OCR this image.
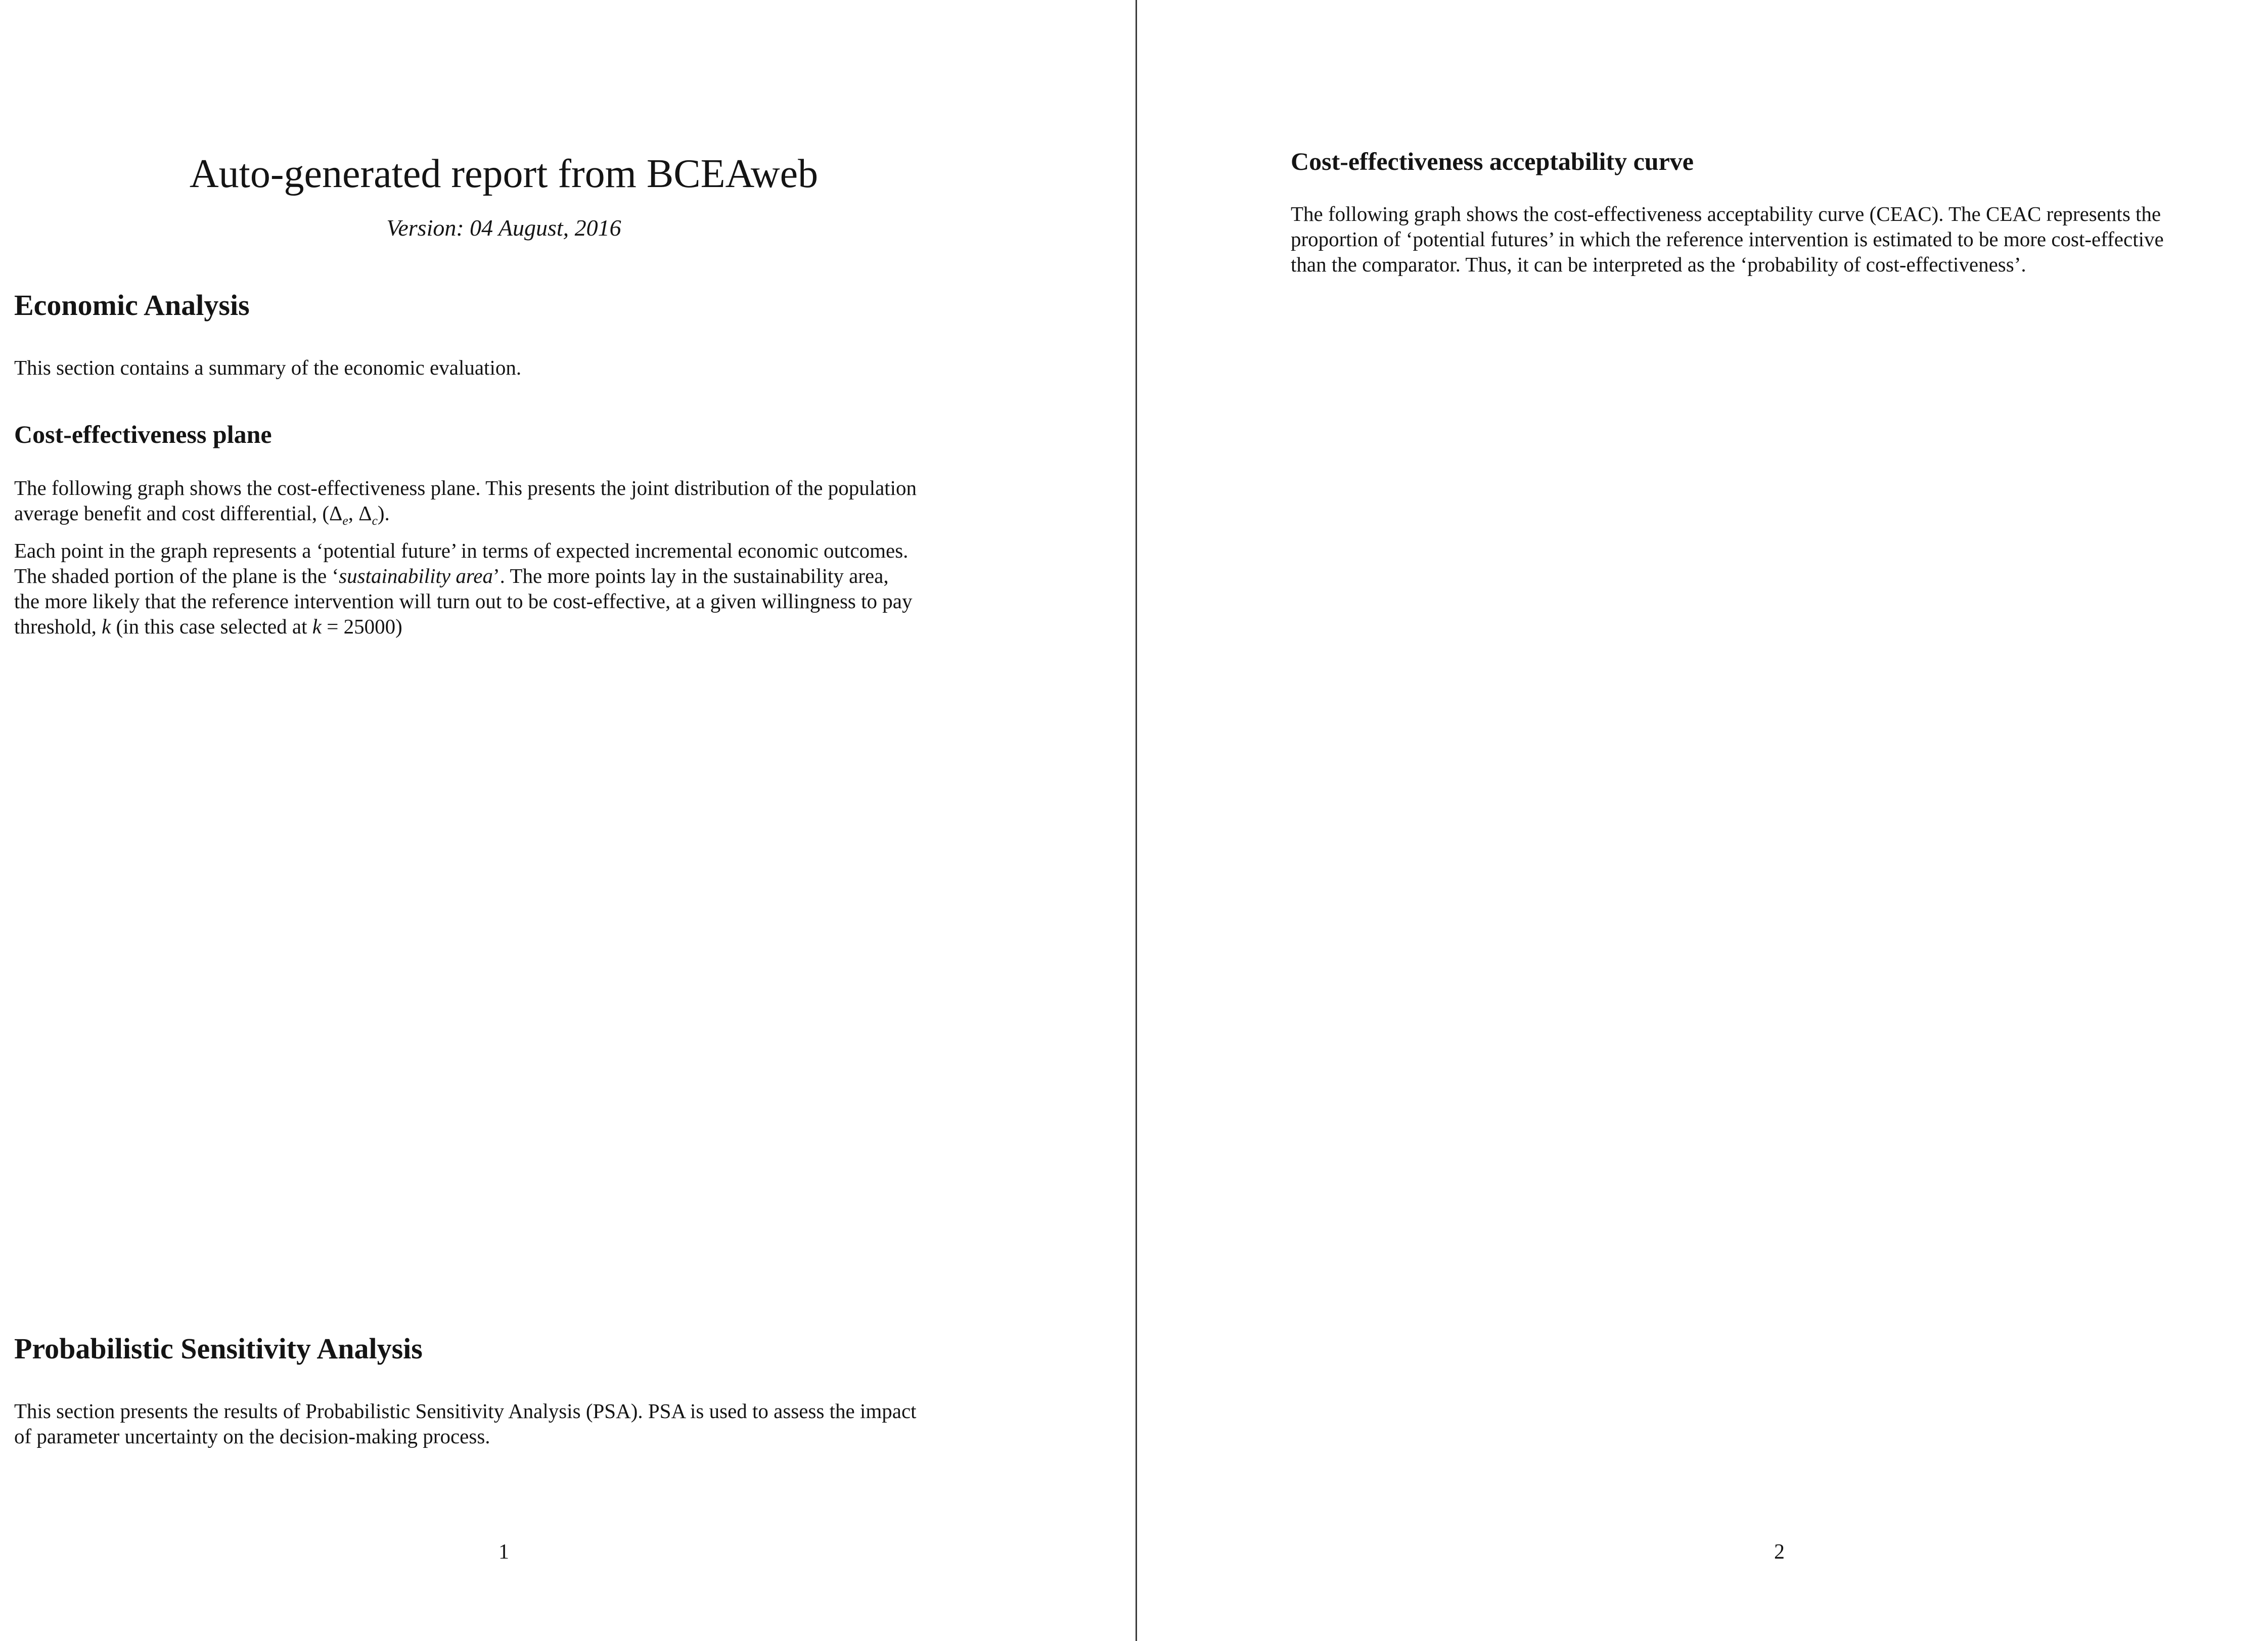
Auto-generated report from BCEAweb
Version: 04 August, 2016
Economic Analysis
This section contains a summary of the economic evaluation.
Cost-effectiveness plane
The following graph shows the cost-effectiveness plane. This presents the joint distribution of the population
average benefit and cost differential, ($\Delta_e$, $\Delta_c$).
Each point in the graph represents a ‘potential future’ in terms of expected incremental economic outcomes.
The shaded portion of the plane is the ‘sustainability area’. The more points lay in the sustainability area,
the more likely that the reference intervention will turn out to be cost-effective, at a given willingness to pay
threshold, k (in this case selected at k = 25000)
Probabilistic Sensitivity Analysis
This section presents the results of Probabilistic Sensitivity Analysis (PSA). PSA is used to assess the impact
of parameter uncertainty on the decision-making process.
1
Cost-effectiveness acceptability curve
The following graph shows the cost-effectiveness acceptability curve (CEAC). The CEAC represents the
proportion of ‘potential futures’ in which the reference intervention is estimated to be more cost-effective
than the comparator. Thus, it can be interpreted as the ‘probability of cost-effectiveness’.
2
